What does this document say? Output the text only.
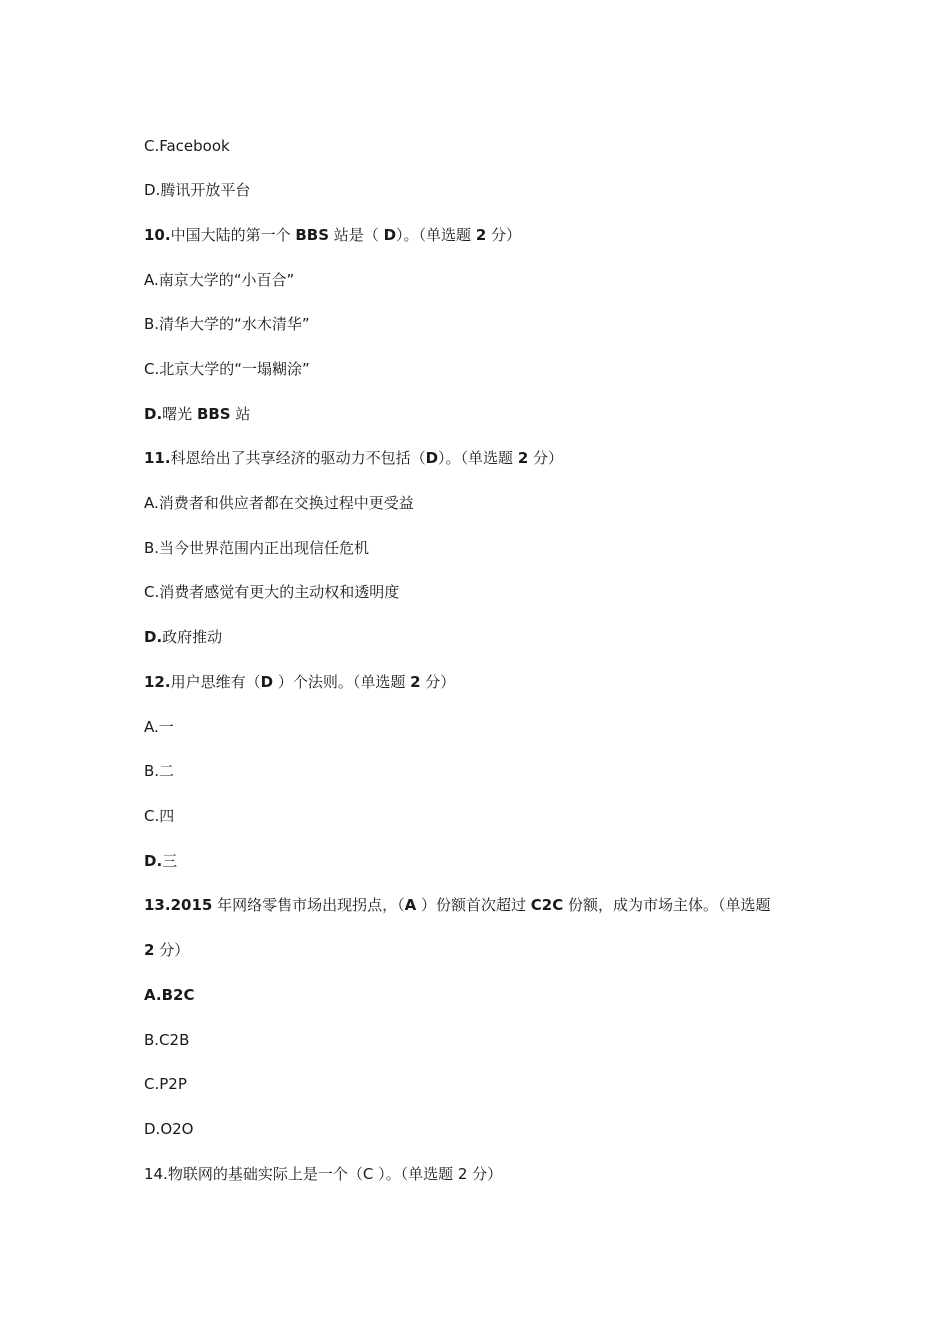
C.Facebook
D.腾讯开放平台
10.中国大陆的第一个 BBS 站是（ D）。（单选题 2 分）
A.南京大学的“小百合”
B.清华大学的“水木清华”
C.北京大学的“一塌糊涂”
D.曙光 BBS 站
11.科恩给出了共享经济的驱动力不包括（D）。（单选题 2 分）
A.消费者和供应者都在交换过程中更受益
B.当今世界范围内正出现信任危机
C.消费者感觉有更大的主动权和透明度
D.政府推动
12.用户思维有（D ）个法则。（单选题 2 分）
A.一
B.二
C.四
D.三
13.2015 年网络零售市场出现拐点，（A ）份额首次超过 C2C 份额，成为市场主体。（单选题
2 分）
A.B2C
B.C2B
C.P2P
D.O2O
14.物联网的基础实际上是一个（C ）。（单选题 2 分）
